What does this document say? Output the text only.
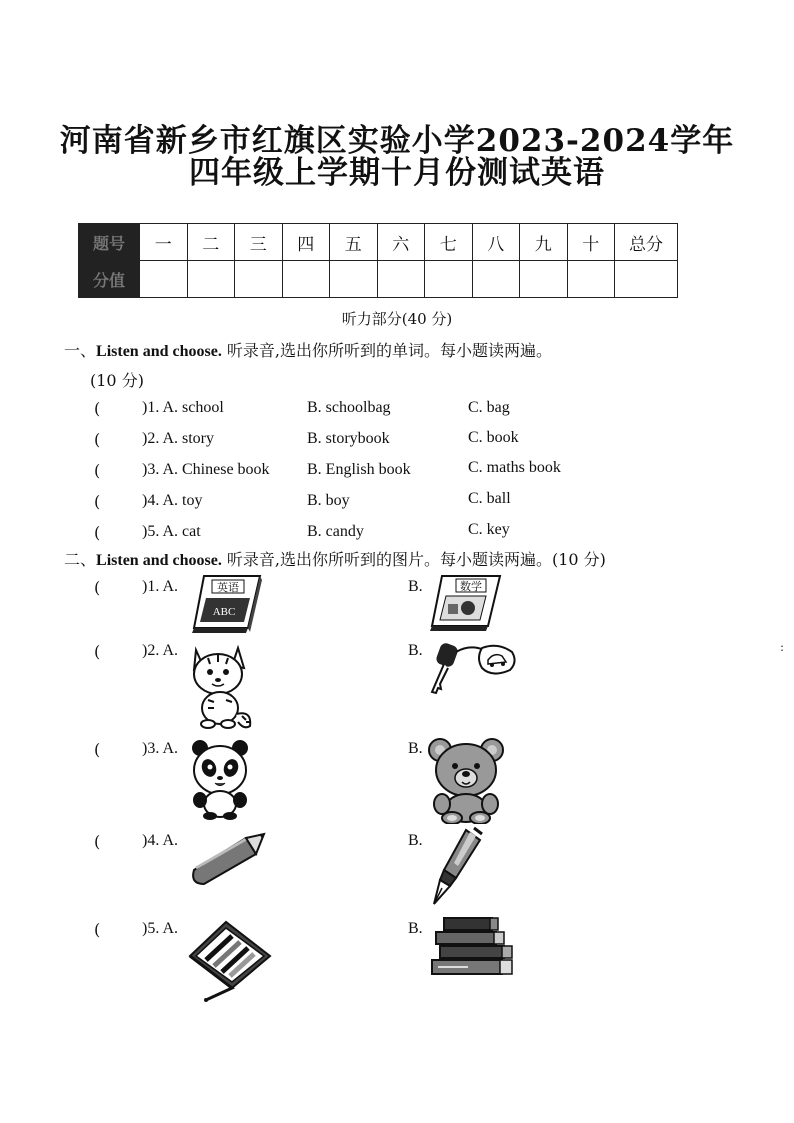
河南省新乡市红旗区实验小学2023-2024学年
四年级上学期十月份测试英语
题号	一	二	三	四	五	六	七	八	九	十	总分
分值											
听力部分(40 分)
一、Listen and choose. 听录音,选出你所听到的单词。每小题读两遍。
(10 分)
(	)1. A. school	B. schoolbag	C. bag
(	)2. A. story	B. storybook	C. book
(	)3. A. Chinese book B. English book	C. maths book
(	)4. A. toy	B. boy	C. ball
(	)5. A. cat	B. candy	C. key
二、Listen and choose. 听录音,选出你所听到的图片。每小题读两遍。(10 分)
(	)1. A.	B.
英语
ABC
数学
(	)2. A.	B.
(	)3. A.	B.
(	)4. A.	B.
(	)5. A.	B.
:
